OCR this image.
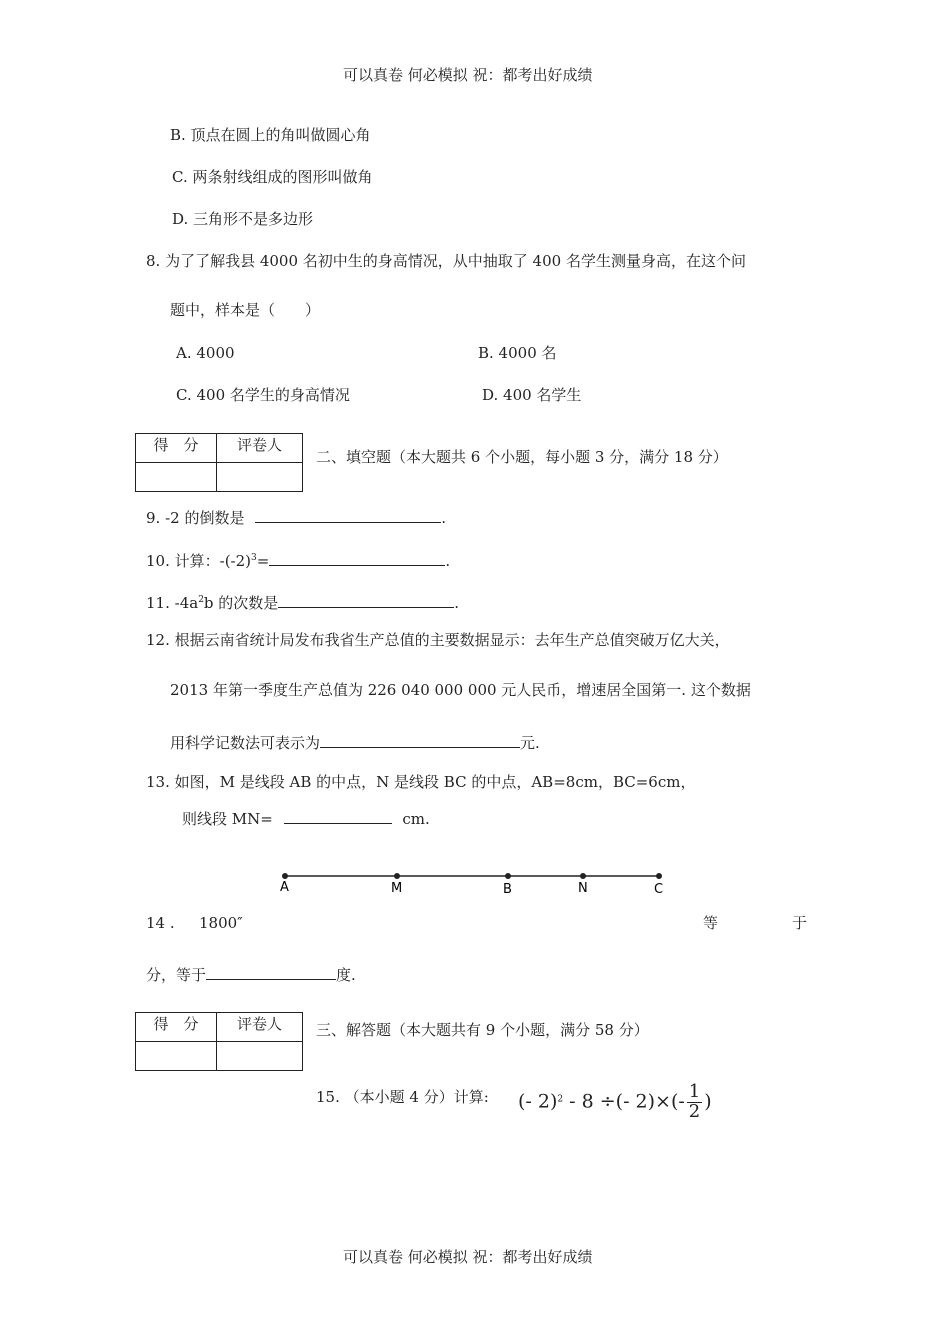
可以真卷 何必模拟 祝：都考出好成绩
B. 顶点在圆上的角叫做圆心角
C. 两条射线组成的图形叫做角
D. 三角形不是多边形
8. 为了了解我县 4000 名初中生的身高情况，从中抽取了 400 名学生测量身高，在这个问
题中，样本是（　　）
A. 4000	B. 4000 名
C. 400 名学生的身高情况	D. 400 名学生
得　分	评卷人

二、填空题（本大题共 6 个小题，每小题 3 分，满分 18 分）
9. -2 的倒数是	.
10. 计算：$-(-2)^3=$	.
11. $-4a^2b$ 的次数是	.
12. 根据云南省统计局发布我省生产总值的主要数据显示：去年生产总值突破万亿大关，
2013 年第一季度生产总值为 226 040 000 000 元人民币，增速居全国第一. 这个数据
用科学记数法可表示为	元.
13. 如图，M 是线段 AB 的中点，N 是线段 BC 的中点，AB=8cm，BC=6cm，
则线段 MN=	cm.
A	M	B	N	C
14 . 1800″	等	于
分，等于	度.
得　分	评卷人
	三、解答题（本大题共有 9 个小题，满分 58 分）
15. （本小题 4 分）计算: (- 2)$^2$ - 8 ÷(- $2)\times(- \frac{1}{2}$ )
可以真卷 何必模拟 祝：都考出好成绩
